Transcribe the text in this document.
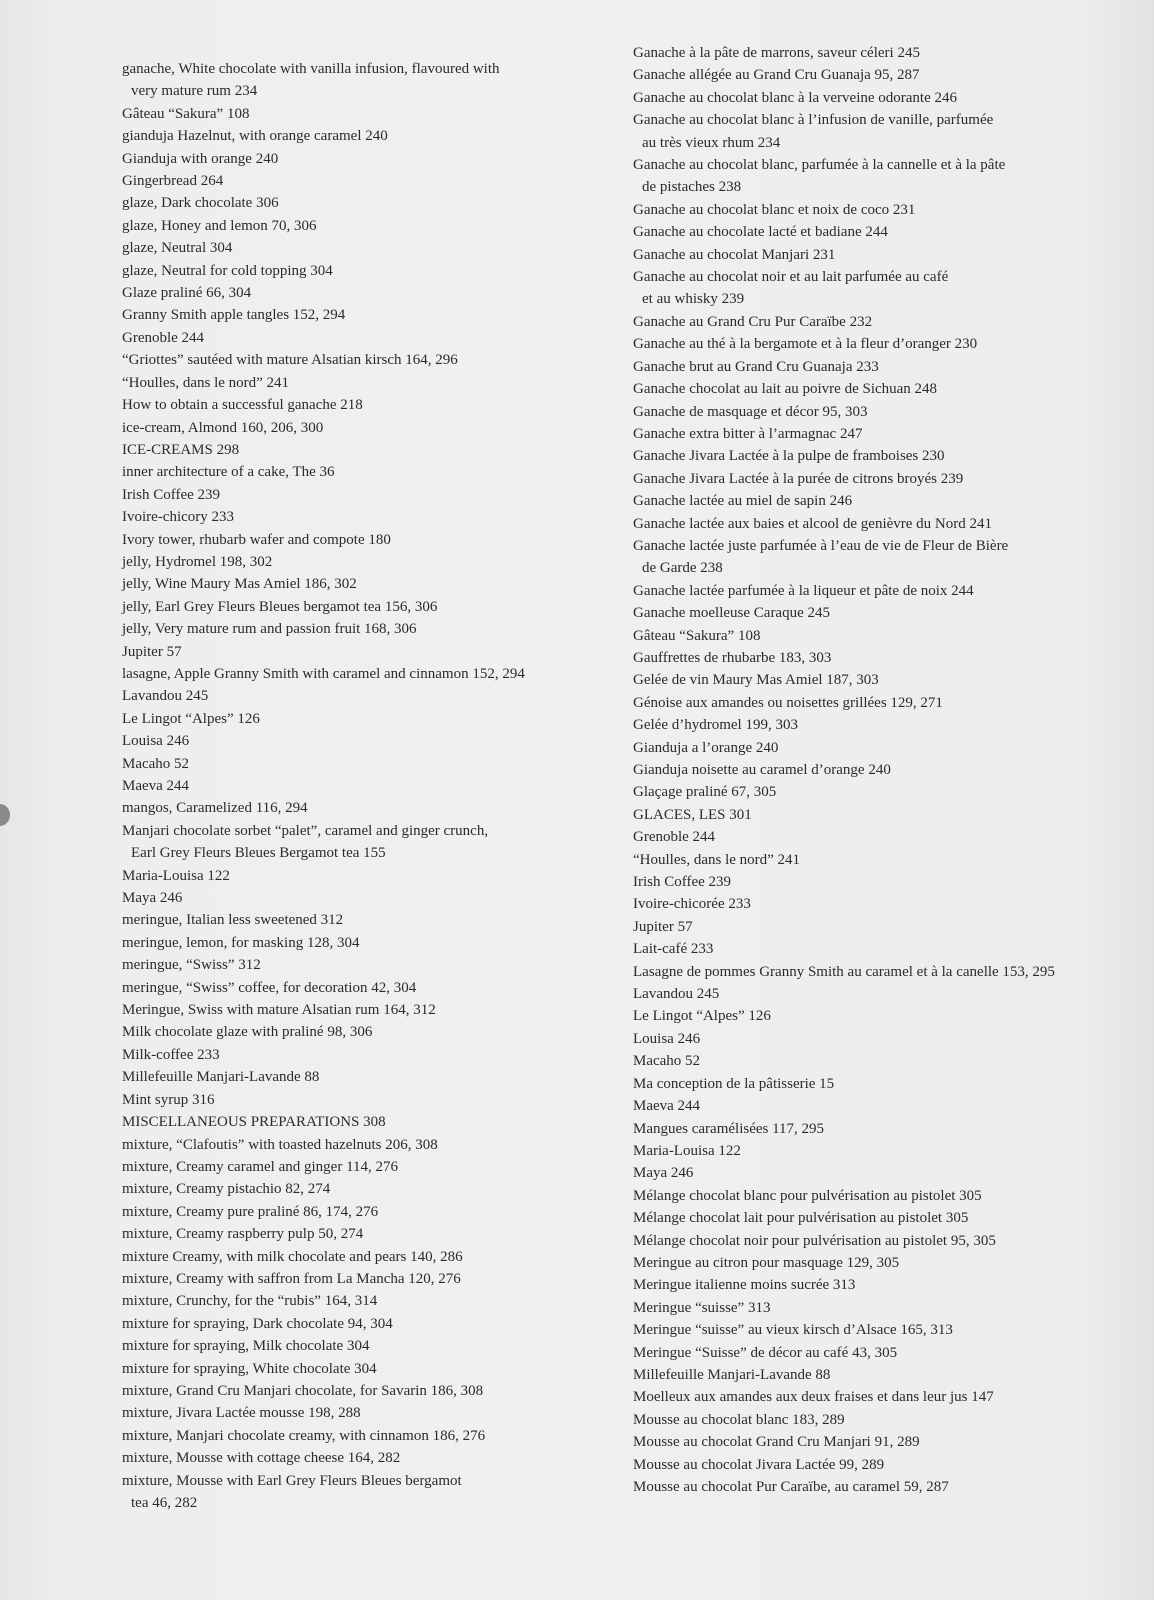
ganache, White chocolate with vanilla infusion, flavoured with
very mature rum 234
Gâteau “Sakura” 108
gianduja Hazelnut, with orange caramel 240
Gianduja with orange 240
Gingerbread 264
glaze, Dark chocolate 306
glaze, Honey and lemon 70, 306
glaze, Neutral 304
glaze, Neutral for cold topping 304
Glaze praliné 66, 304
Granny Smith apple tangles 152, 294
Grenoble 244
“Griottes” sautéed with mature Alsatian kirsch 164, 296
“Houlles, dans le nord” 241
How to obtain a successful ganache 218
ice-cream, Almond 160, 206, 300
ICE-CREAMS 298
inner architecture of a cake, The 36
Irish Coffee 239
Ivoire-chicory 233
Ivory tower, rhubarb wafer and compote 180
jelly, Hydromel 198, 302
jelly, Wine Maury Mas Amiel 186, 302
jelly, Earl Grey Fleurs Bleues bergamot tea 156, 306
jelly, Very mature rum and passion fruit 168, 306
Jupiter 57
lasagne, Apple Granny Smith with caramel and cinnamon 152, 294
Lavandou 245
Le Lingot “Alpes” 126
Louisa 246
Macaho 52
Maeva 244
mangos, Caramelized 116, 294
Manjari chocolate sorbet “palet”, caramel and ginger crunch,
Earl Grey Fleurs Bleues Bergamot tea 155
Maria-Louisa 122
Maya 246
meringue, Italian less sweetened 312
meringue, lemon, for masking 128, 304
meringue, “Swiss” 312
meringue, “Swiss” coffee, for decoration 42, 304
Meringue, Swiss with mature Alsatian rum 164, 312
Milk chocolate glaze with praliné 98, 306
Milk-coffee 233
Millefeuille Manjari-Lavande 88
Mint syrup 316
MISCELLANEOUS PREPARATIONS 308
mixture, “Clafoutis” with toasted hazelnuts 206, 308
mixture, Creamy caramel and ginger 114, 276
mixture, Creamy pistachio 82, 274
mixture, Creamy pure praliné 86, 174, 276
mixture, Creamy raspberry pulp 50, 274
mixture Creamy, with milk chocolate and pears 140, 286
mixture, Creamy with saffron from La Mancha 120, 276
mixture, Crunchy, for the “rubis” 164, 314
mixture for spraying, Dark chocolate 94, 304
mixture for spraying, Milk chocolate 304
mixture for spraying, White chocolate 304
mixture, Grand Cru Manjari chocolate, for Savarin 186, 308
mixture, Jivara Lactée mousse 198, 288
mixture, Manjari chocolate creamy, with cinnamon 186, 276
mixture, Mousse with cottage cheese 164, 282
mixture, Mousse with Earl Grey Fleurs Bleues bergamot
tea 46, 282
Ganache à la pâte de marrons, saveur céleri 245
Ganache allégée au Grand Cru Guanaja 95, 287
Ganache au chocolat blanc à la verveine odorante 246
Ganache au chocolat blanc à l’infusion de vanille, parfumée
au très vieux rhum 234
Ganache au chocolat blanc, parfumée à la cannelle et à la pâte
de pistaches 238
Ganache au chocolat blanc et noix de coco 231
Ganache au chocolate lacté et badiane 244
Ganache au chocolat Manjari 231
Ganache au chocolat noir et au lait parfumée au café
et au whisky 239
Ganache au Grand Cru Pur Caraïbe 232
Ganache au thé à la bergamote et à la fleur d’oranger 230
Ganache brut au Grand Cru Guanaja 233
Ganache chocolat au lait au poivre de Sichuan 248
Ganache de masquage et décor 95, 303
Ganache extra bitter à l’armagnac 247
Ganache Jivara Lactée à la pulpe de framboises 230
Ganache Jivara Lactée à la purée de citrons broyés 239
Ganache lactée au miel de sapin 246
Ganache lactée aux baies et alcool de genièvre du Nord 241
Ganache lactée juste parfumée à l’eau de vie de Fleur de Bière
de Garde 238
Ganache lactée parfumée à la liqueur et pâte de noix 244
Ganache moelleuse Caraque 245
Gâteau “Sakura” 108
Gauffrettes de rhubarbe 183, 303
Gelée de vin Maury Mas Amiel 187, 303
Génoise aux amandes ou noisettes grillées 129, 271
Gelée d’hydromel 199, 303
Gianduja a l’orange 240
Gianduja noisette au caramel d’orange 240
Glaçage praliné 67, 305
GLACES, LES 301
Grenoble 244
“Houlles, dans le nord” 241
Irish Coffee 239
Ivoire-chicorée 233
Jupiter 57
Lait-café 233
Lasagne de pommes Granny Smith au caramel et à la canelle 153, 295
Lavandou 245
Le Lingot “Alpes” 126
Louisa 246
Macaho 52
Ma conception de la pâtisserie 15
Maeva 244
Mangues caramélisées 117, 295
Maria-Louisa 122
Maya 246
Mélange chocolat blanc pour pulvérisation au pistolet 305
Mélange chocolat lait pour pulvérisation au pistolet 305
Mélange chocolat noir pour pulvérisation au pistolet 95, 305
Meringue au citron pour masquage 129, 305
Meringue italienne moins sucrée 313
Meringue “suisse” 313
Meringue “suisse” au vieux kirsch d’Alsace 165, 313
Meringue “Suisse” de décor au café 43, 305
Millefeuille Manjari-Lavande 88
Moelleux aux amandes aux deux fraises et dans leur jus 147
Mousse au chocolat blanc 183, 289
Mousse au chocolat Grand Cru Manjari 91, 289
Mousse au chocolat Jivara Lactée 99, 289
Mousse au chocolat Pur Caraïbe, au caramel 59, 287
